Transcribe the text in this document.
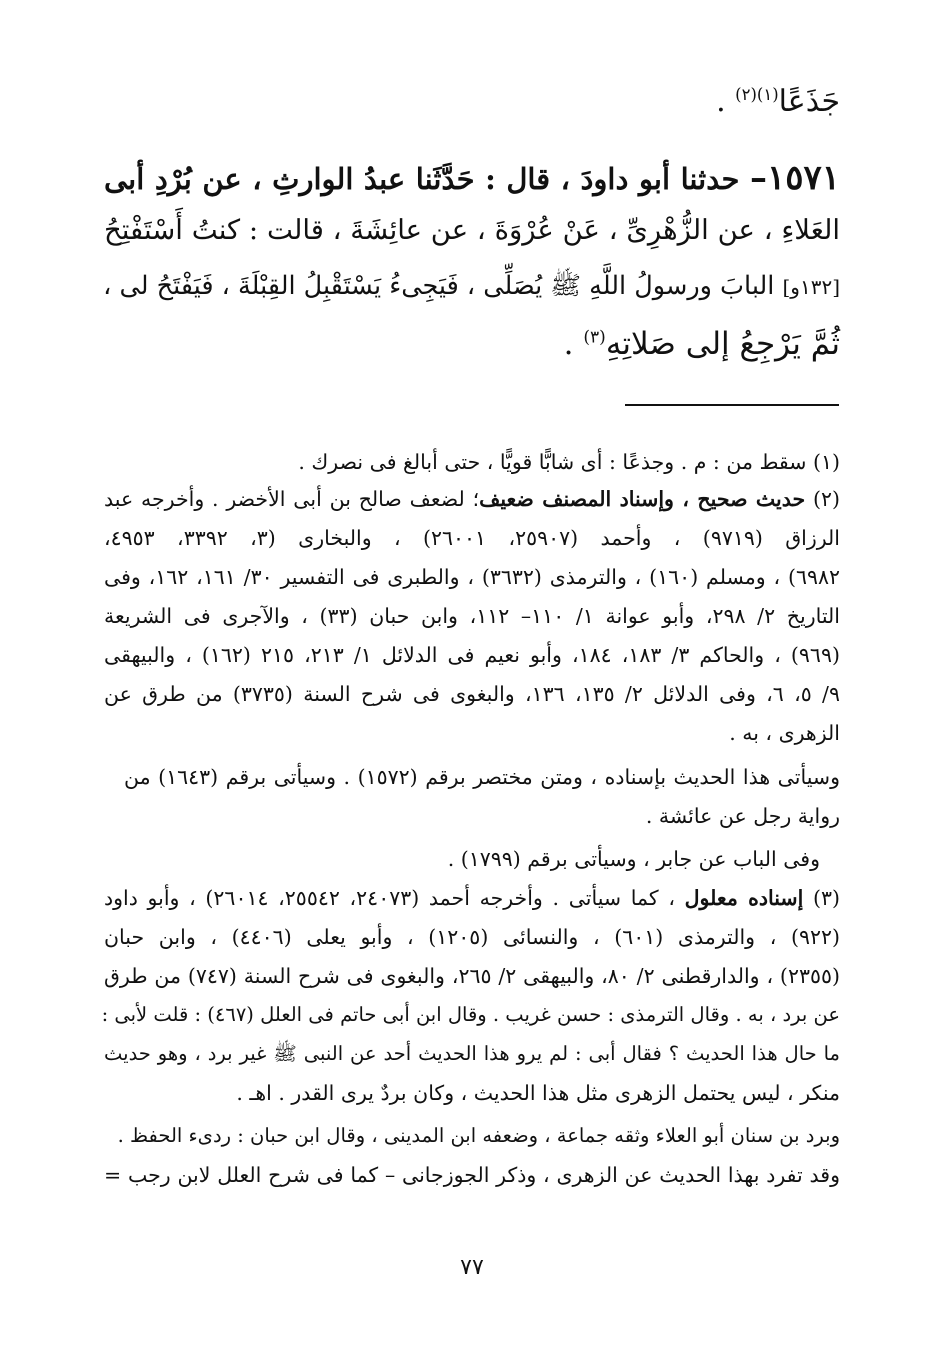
جَذَعًا$^{(١)(٢)}$ .
١٥٧١– حدثنا أبو داودَ ، قال : حَدَّثَنا عبدُ الوارثِ ، عن بُرْدِ أبى
العَلاءِ ، عن الزُّهْرِىِّ ، عَنْ عُرْوَةَ ، عن عائِشَةَ ، قالت : كنتُ أَسْتَفْتِحُ
[١٣٢و] البابَ ورسولُ اللَّهِ ﷺ يُصَلِّى ، فَيَجِىءُ يَسْتَقْبِلُ القِبْلَةَ ، فَيَفْتَحُ لى ،
ثُمَّ يَرْجِعُ إلى صَلاتِهِ$^{(٣)}$ .
(١) سقط من : م . وجذعًا : أى شابًّا قويًّا ، حتى أبالغ فى نصرك .
(٢) حديث صحيح ، وإسناد المصنف ضعيف؛ لضعف صالح بن أبى الأخضر . وأخرجه عبد
الرزاق (٩٧١٩) ، وأحمد (٢٥٩٠٧، ٢٦٠٠١) ، والبخارى (٣، ٣٣٩٢، ٤٩٥٣،
٦٩٨٢) ، ومسلم (١٦٠) ، والترمذى (٣٦٣٢) ، والطبرى فى التفسير ٣٠/ ١٦١، ١٦٢، وفى
التاريخ ٢/ ٢٩٨، وأبو عوانة ١/ ١١٠– ١١٢، وابن حبان (٣٣) ، والآجرى فى الشريعة
(٩٦٩) ، والحاكم ٣/ ١٨٣، ١٨٤، وأبو نعيم فى الدلائل ١/ ٢١٣، ٢١٥ (١٦٢) ، والبيهقى
٩/ ٥، ٦، وفى الدلائل ٢/ ١٣٥، ١٣٦، والبغوى فى شرح السنة (٣٧٣٥) من طرق عن
الزهرى ، به .
وسيأتى هذا الحديث بإسناده ، ومتن مختصر برقم (١٥٧٢) . وسيأتى برقم (١٦٤٣) من
رواية رجل عن عائشة .
وفى الباب عن جابر ، وسيأتى برقم (١٧٩٩) .
(٣) إسناده معلول ، كما سيأتى . وأخرجه أحمد (٢٤٠٧٣، ٢٥٥٤٢، ٢٦٠١٤) ، وأبو داود
(٩٢٢) ، والترمذى (٦٠١) ، والنسائى (١٢٠٥) ، وأبو يعلى (٤٤٠٦) ، وابن حبان
(٢٣٥٥) ، والدارقطنى ٢/ ٨٠، والبيهقى ٢/ ٢٦٥، والبغوى فى شرح السنة (٧٤٧) من طرق
عن برد ، به . وقال الترمذى : حسن غريب . وقال ابن أبى حاتم فى العلل (٤٦٧) : قلت لأبى :
ما حال هذا الحديث ؟ فقال أبى : لم يرو هذا الحديث أحد عن النبى ﷺ غير برد ، وهو حديث
منكر ، ليس يحتمل الزهرى مثل هذا الحديث ، وكان بردٌ يرى القدر . اهـ .
وبرد بن سنان أبو العلاء وثقه جماعة ، وضعفه ابن المدينى ، وقال ابن حبان : ردىء الحفظ .
وقد تفرد بهذا الحديث عن الزهرى ، وذكر الجوزجانى – كما فى شرح العلل لابن رجب =
٧٧
